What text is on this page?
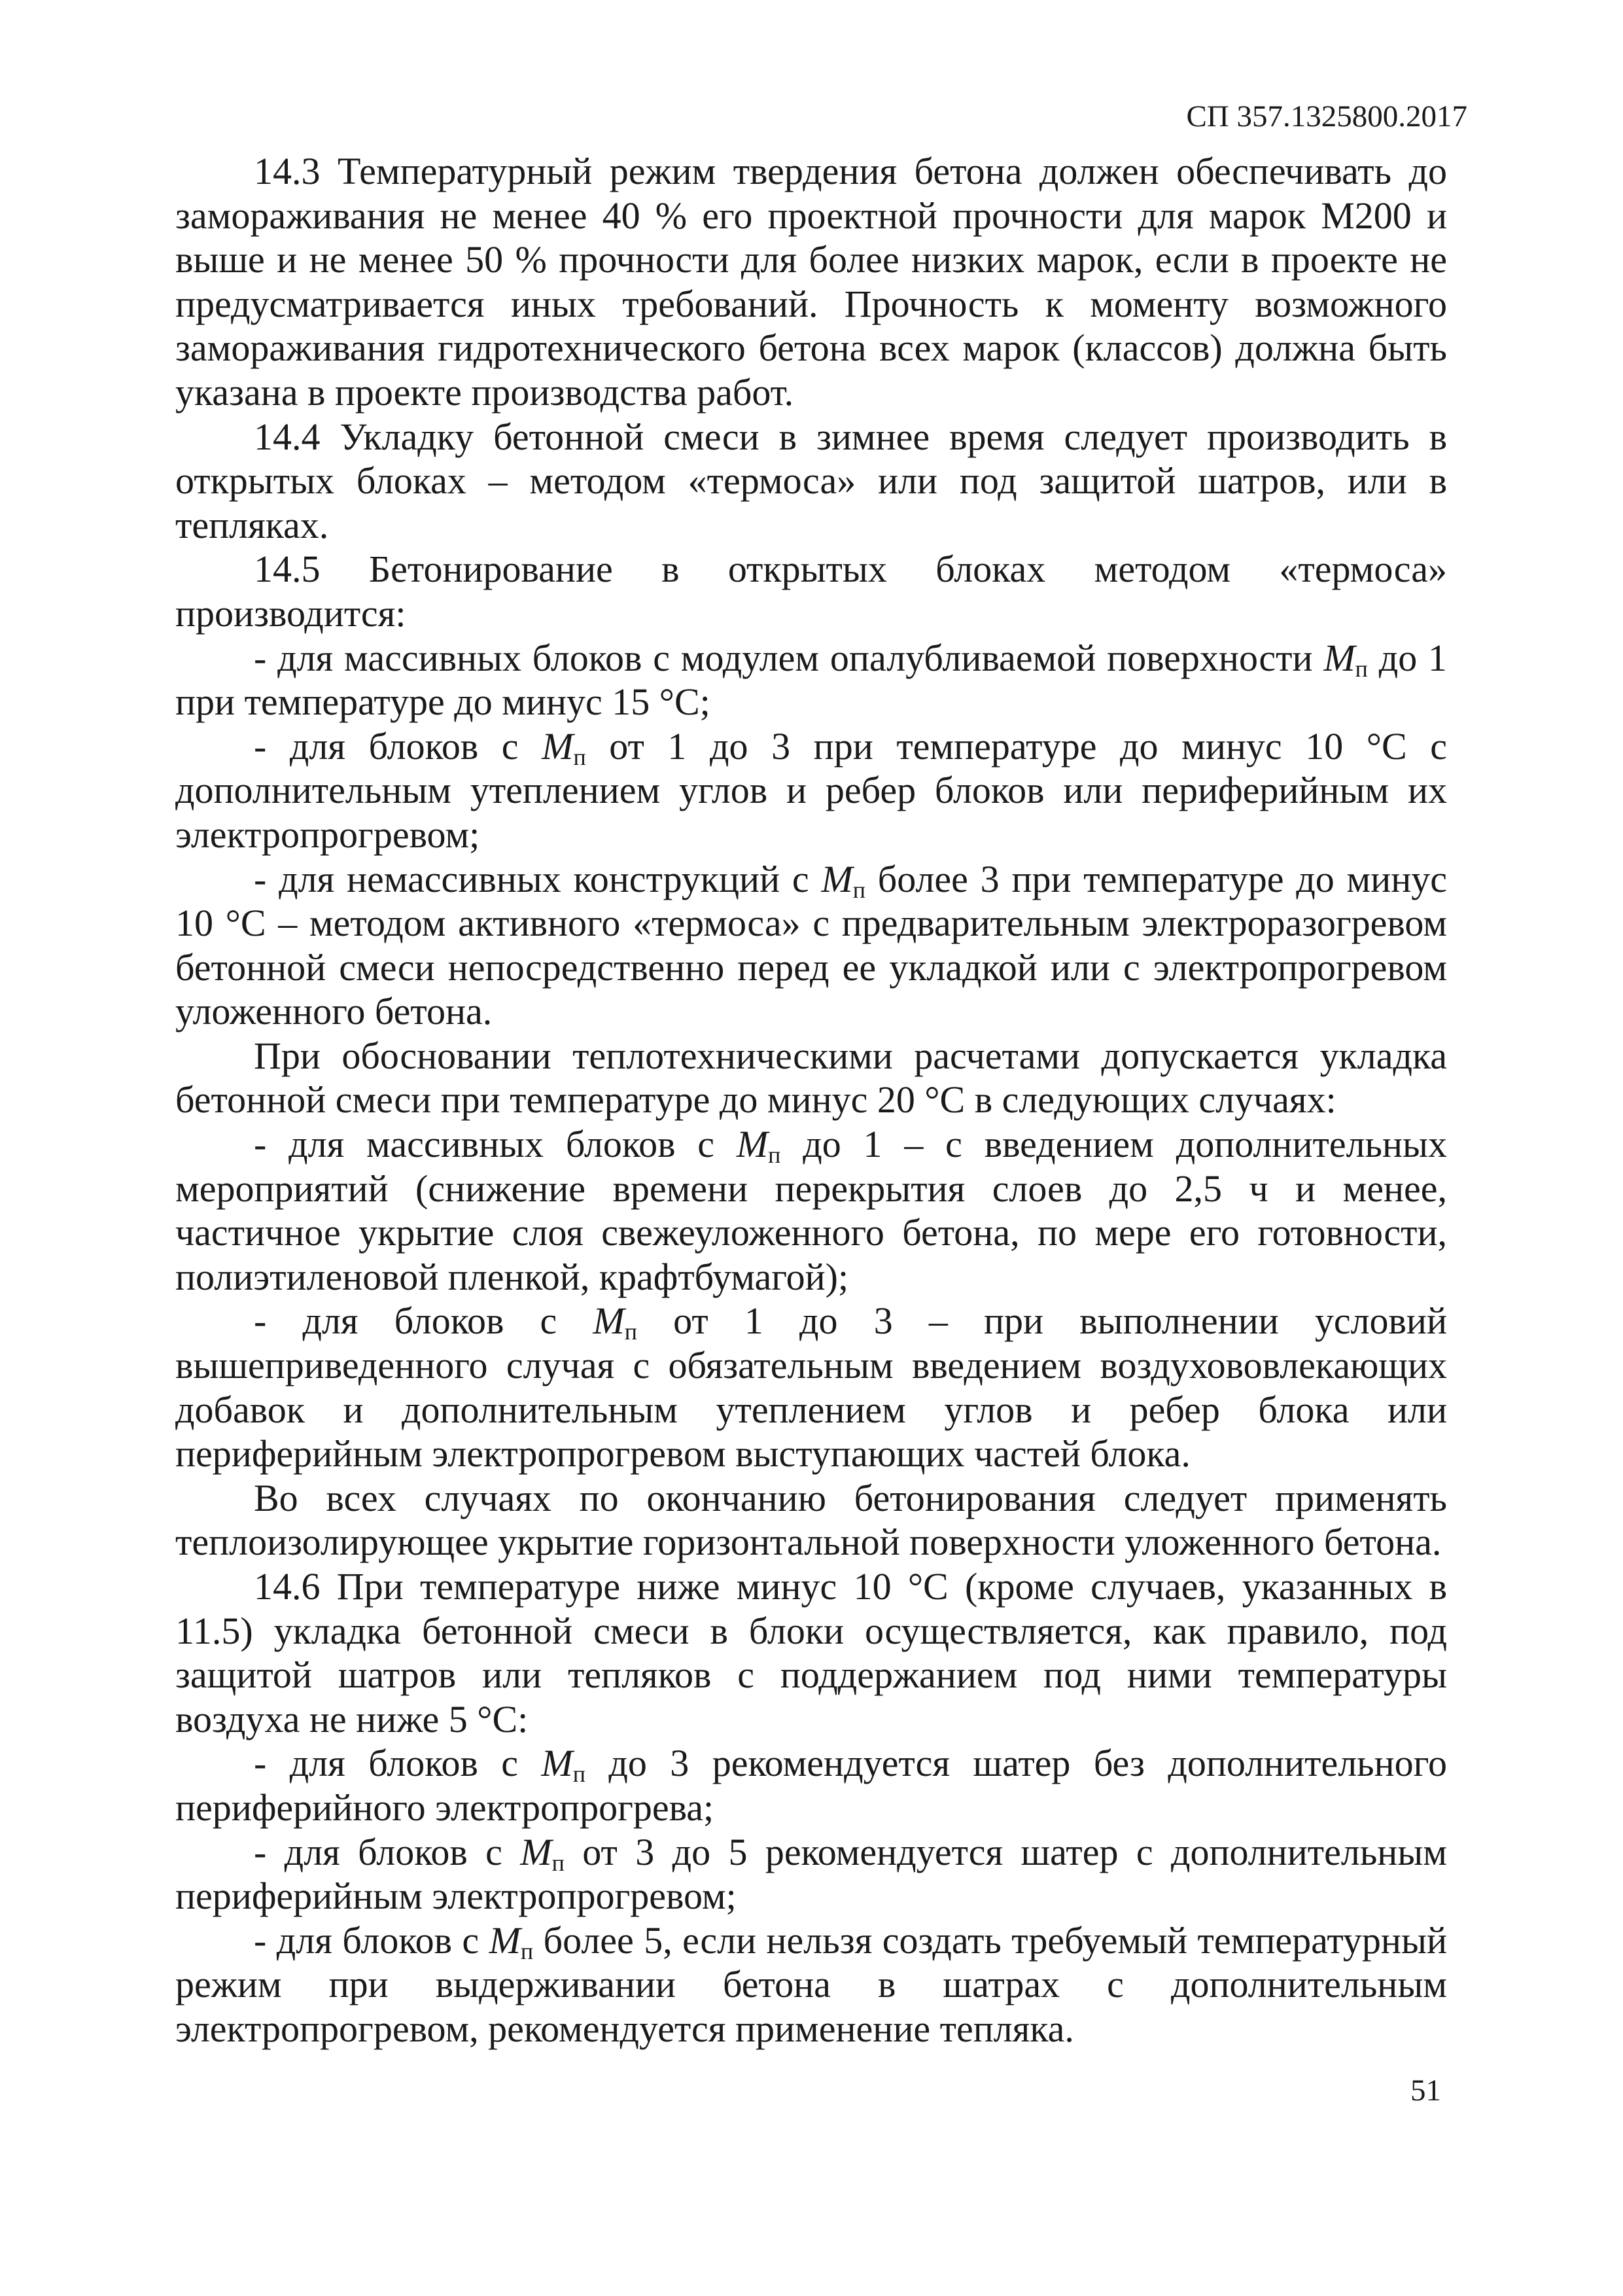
СП 357.1325800.2017

14.3 Температурный режим твердения бетона должен обеспечивать до замораживания не менее 40 % его проектной прочности для марок М200 и выше и не менее 50 % прочности для более низких марок, если в проекте не предусматривается иных требований. Прочность к моменту возможного замораживания гидротехнического бетона всех марок (классов) должна быть указана в проекте производства работ.

14.4 Укладку бетонной смеси в зимнее время следует производить в открытых блоках – методом «термоса» или под защитой шатров, или в тепляках.

14.5 Бетонирование в открытых блоках методом «термоса» производится:

- для массивных блоков с модулем опалубливаемой поверхности $M_п$ до 1 при температуре до минус 15 °С;

- для блоков с $M_п$ от 1 до 3 при температуре до минус 10 °С с дополнительным утеплением углов и ребер блоков или периферийным их электропрогревом;

- для немассивных конструкций с $M_п$ более 3 при температуре до минус 10 °С – методом активного «термоса» с предварительным электроразогревом бетонной смеси непосредственно перед ее укладкой или с электропрогревом уложенного бетона.

При обосновании теплотехническими расчетами допускается укладка бетонной смеси при температуре до минус 20 °С в следующих случаях:

- для массивных блоков с $M_п$ до 1 – с введением дополнительных мероприятий (снижение времени перекрытия слоев до 2,5 ч и менее, частичное укрытие слоя свежеуложенного бетона, по мере его готовности, полиэтиленовой пленкой, крафтбумагой);

- для блоков с $M_п$ от 1 до 3 – при выполнении условий вышеприведенного случая с обязательным введением воздухововлекающих добавок и дополнительным утеплением углов и ребер блока или периферийным электропрогревом выступающих частей блока.

Во всех случаях по окончанию бетонирования следует применять теплоизолирующее укрытие горизонтальной поверхности уложенного бетона.

14.6 При температуре ниже минус 10 °С (кроме случаев, указанных в 11.5) укладка бетонной смеси в блоки осуществляется, как правило, под защитой шатров или тепляков с поддержанием под ними температуры воздуха не ниже 5 °С:

- для блоков с $M_п$ до 3 рекомендуется шатер без дополнительного периферийного электропрогрева;

- для блоков с $M_п$ от 3 до 5 рекомендуется шатер с дополнительным периферийным электропрогревом;

- для блоков с $M_п$ более 5, если нельзя создать требуемый температурный режим при выдерживании бетона в шатрах с дополнительным электропрогревом, рекомендуется применение тепляка.

51
